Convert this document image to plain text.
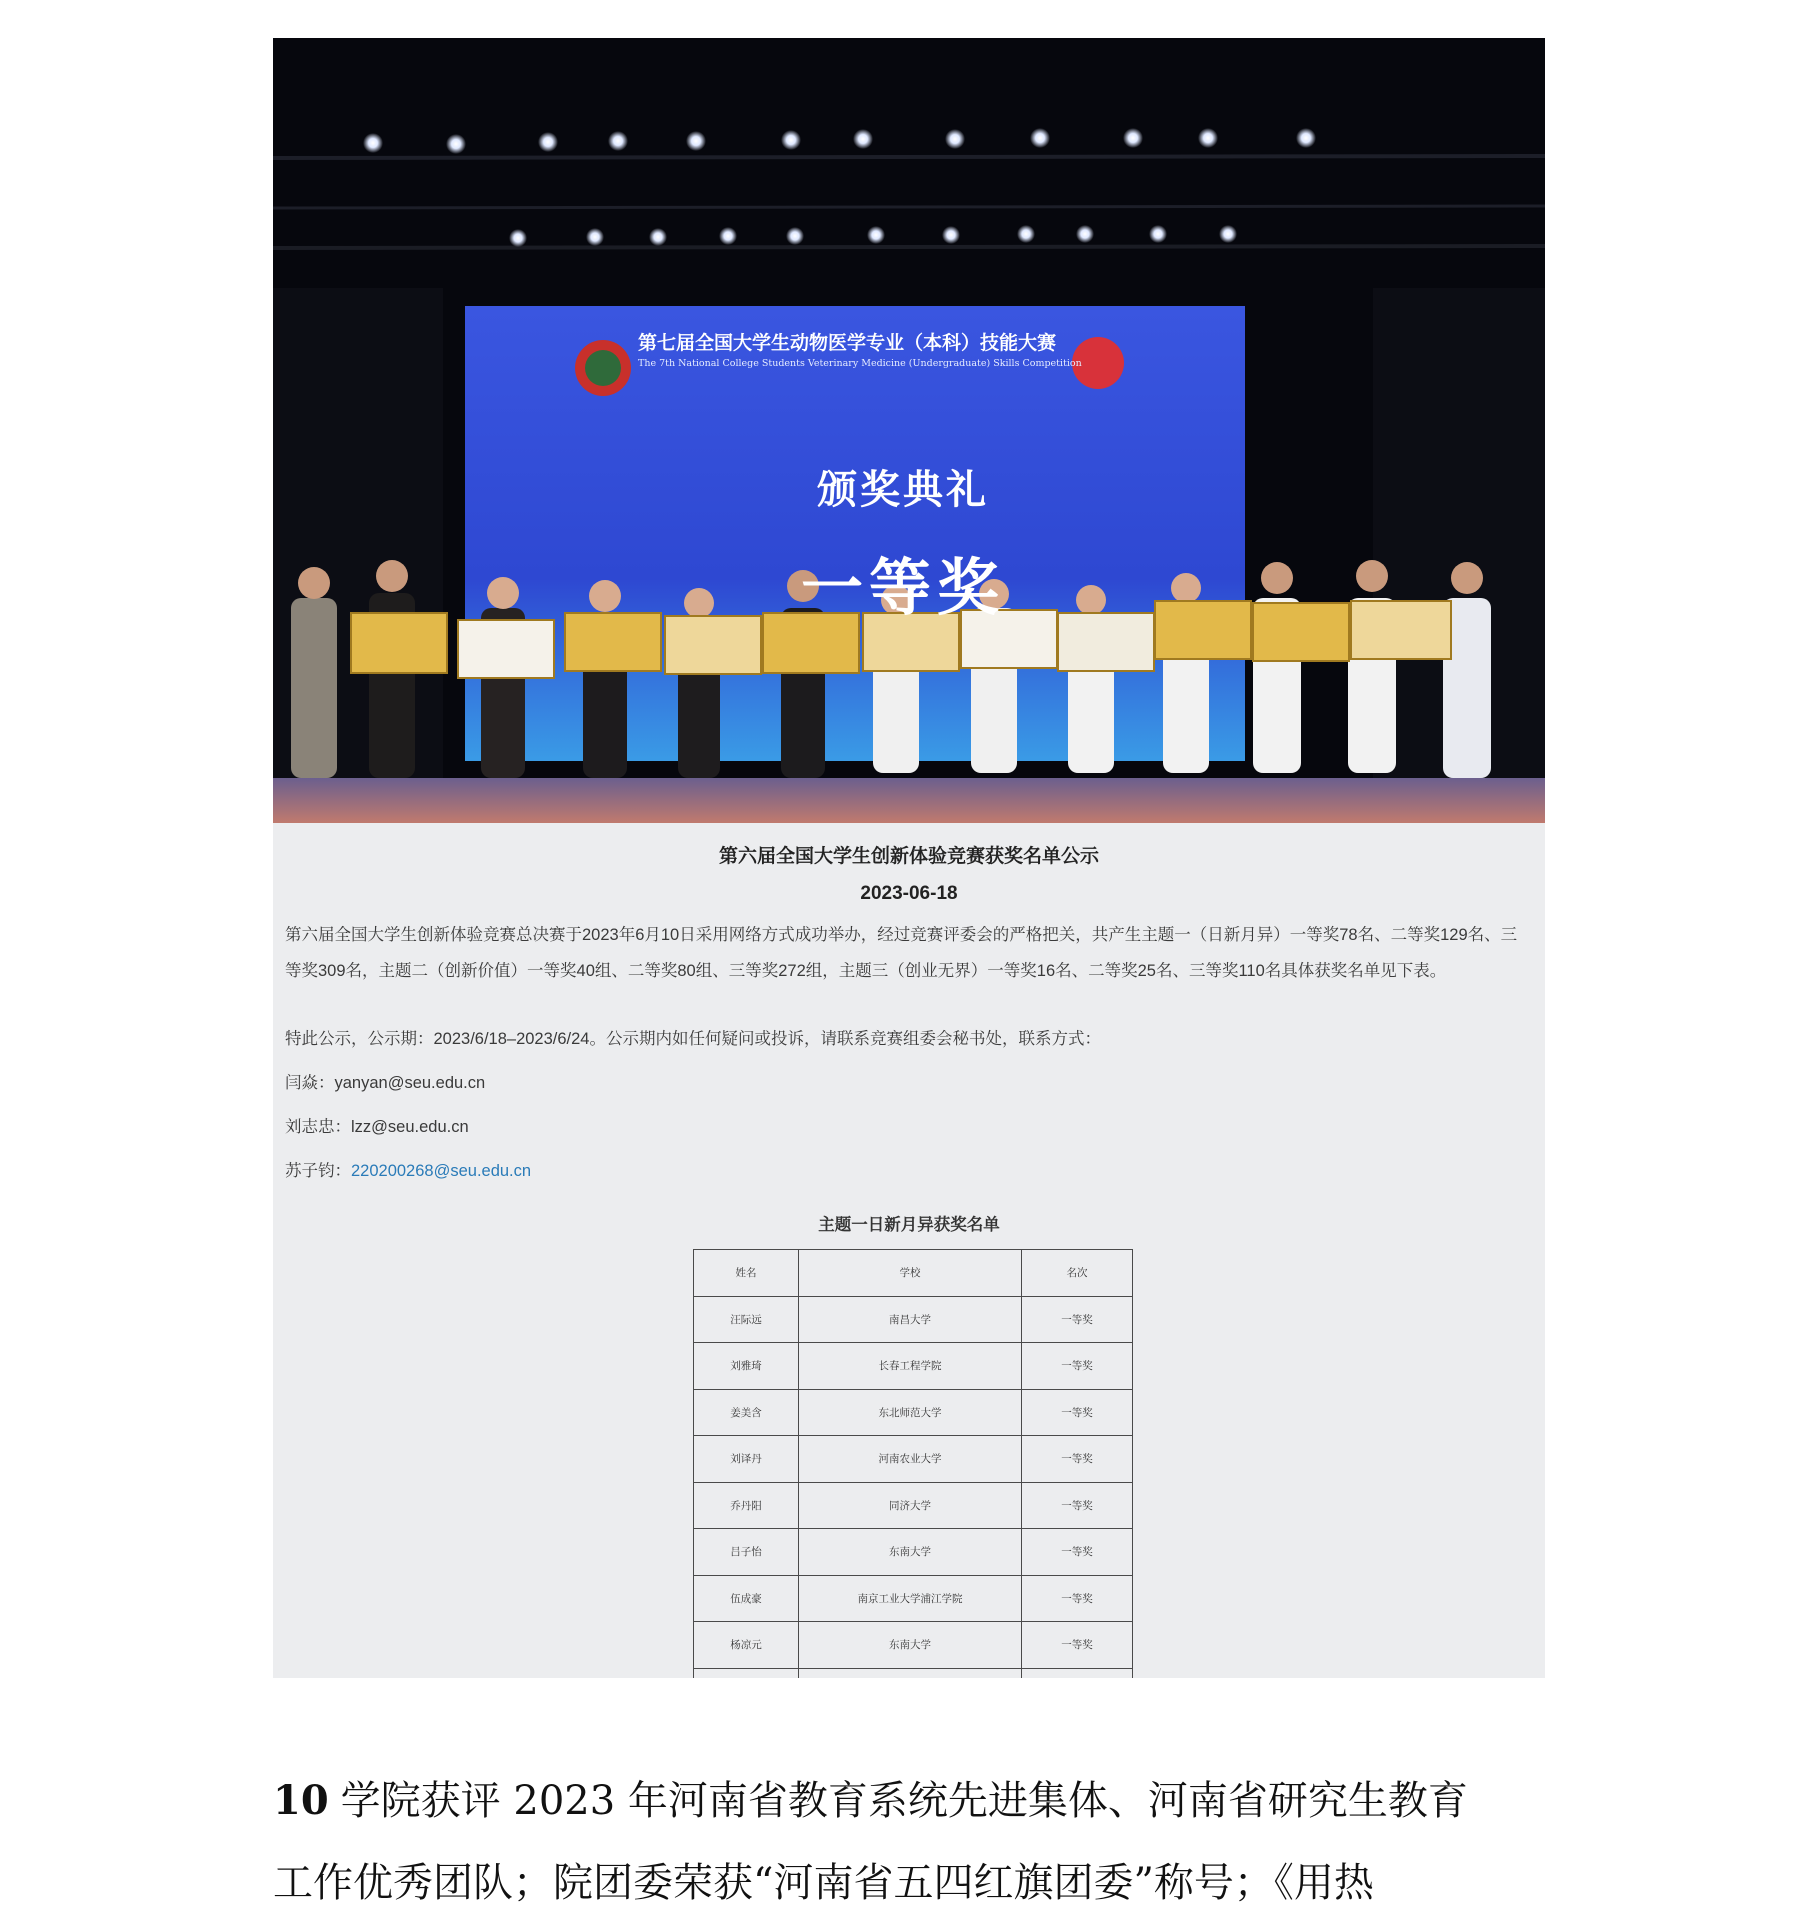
第七届全国大学生动物医学专业（本科）技能大赛
The 7th National College Students Veterinary Medicine (Undergraduate) Skills Competition
颁奖典礼
一等奖
第六届全国大学生创新体验竞赛获奖名单公示
2023-06-18
第六届全国大学生创新体验竞赛总决赛于2023年6月10日采用网络方式成功举办，经过竞赛评委会的严格把关，共产生主题一（日新月异）一等奖78名、二等奖129名、三等奖309名，主题二（创新价值）一等奖40组、二等奖80组、三等奖272组，主题三（创业无界）一等奖16名、二等奖25名、三等奖110名具体获奖名单见下表。
特此公示，公示期：2023/6/18–2023/6/24。公示期内如任何疑问或投诉，请联系竞赛组委会秘书处，联系方式：
闫焱：yanyan@seu.edu.cn
刘志忠：lzz@seu.edu.cn
苏子钧：220200268@seu.edu.cn
主题一日新月异获奖名单
姓名	学校	名次
汪际远	南昌大学	一等奖
刘雅琦	长春工程学院	一等奖
姜美含	东北师范大学	一等奖
刘译丹	河南农业大学	一等奖
乔丹阳	同济大学	一等奖
吕子怡	东南大学	一等奖
伍成豪	南京工业大学浦江学院	一等奖
杨凉元	东南大学	一等奖

10 学院获评 2023 年河南省教育系统先进集体、河南省研究生教育
工作优秀团队；院团委荣获“河南省五四红旗团委”称号；《用热
